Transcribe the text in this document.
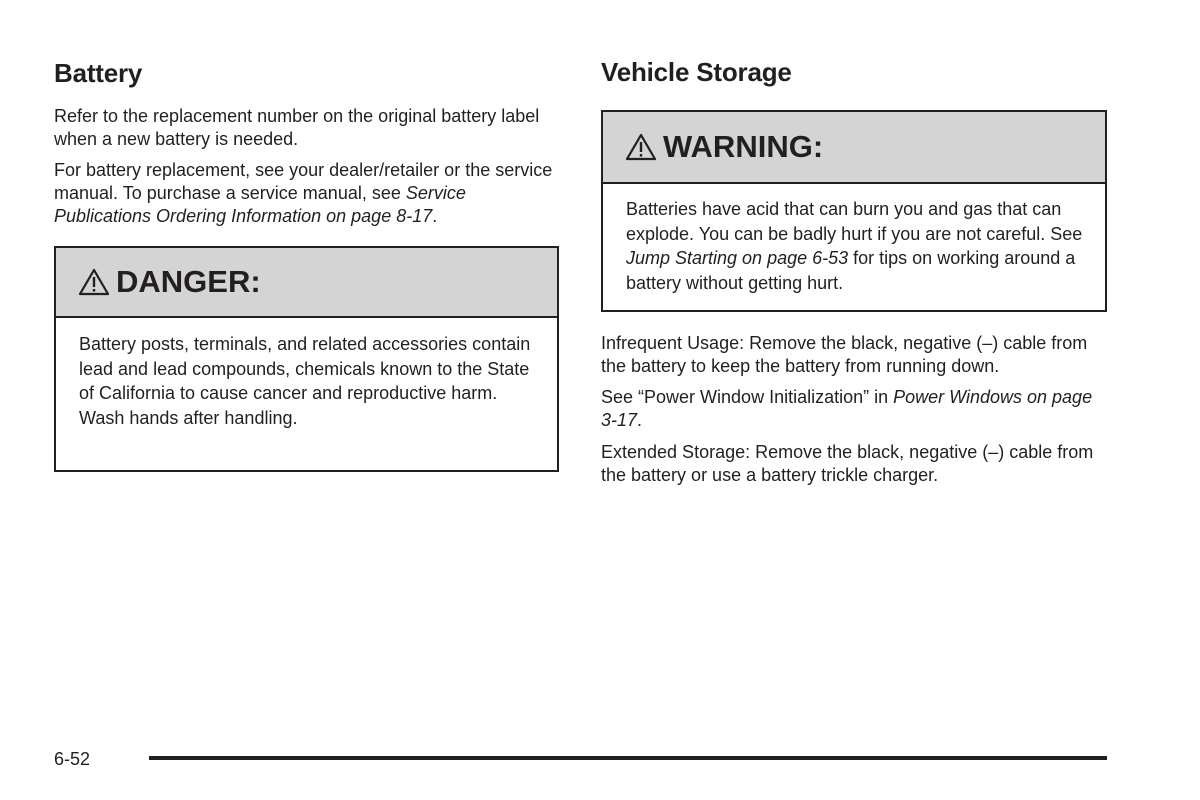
Battery

Refer to the replacement number on the original battery label when a new battery is needed.

For battery replacement, see your dealer/retailer or the service manual. To purchase a service manual, see Service Publications Ordering Information on page 8-17.

DANGER:
Battery posts, terminals, and related accessories contain lead and lead compounds, chemicals known to the State of California to cause cancer and reproductive harm. Wash hands after handling.
Vehicle Storage
WARNING:
Batteries have acid that can burn you and gas that can explode. You can be badly hurt if you are not careful. See Jump Starting on page 6-53 for tips on working around a battery without getting hurt.

Infrequent Usage: Remove the black, negative (–) cable from the battery to keep the battery from running down.

See “Power Window Initialization” in Power Windows on page 3-17.

Extended Storage: Remove the black, negative (–) cable from the battery or use a battery trickle charger.

6-52
